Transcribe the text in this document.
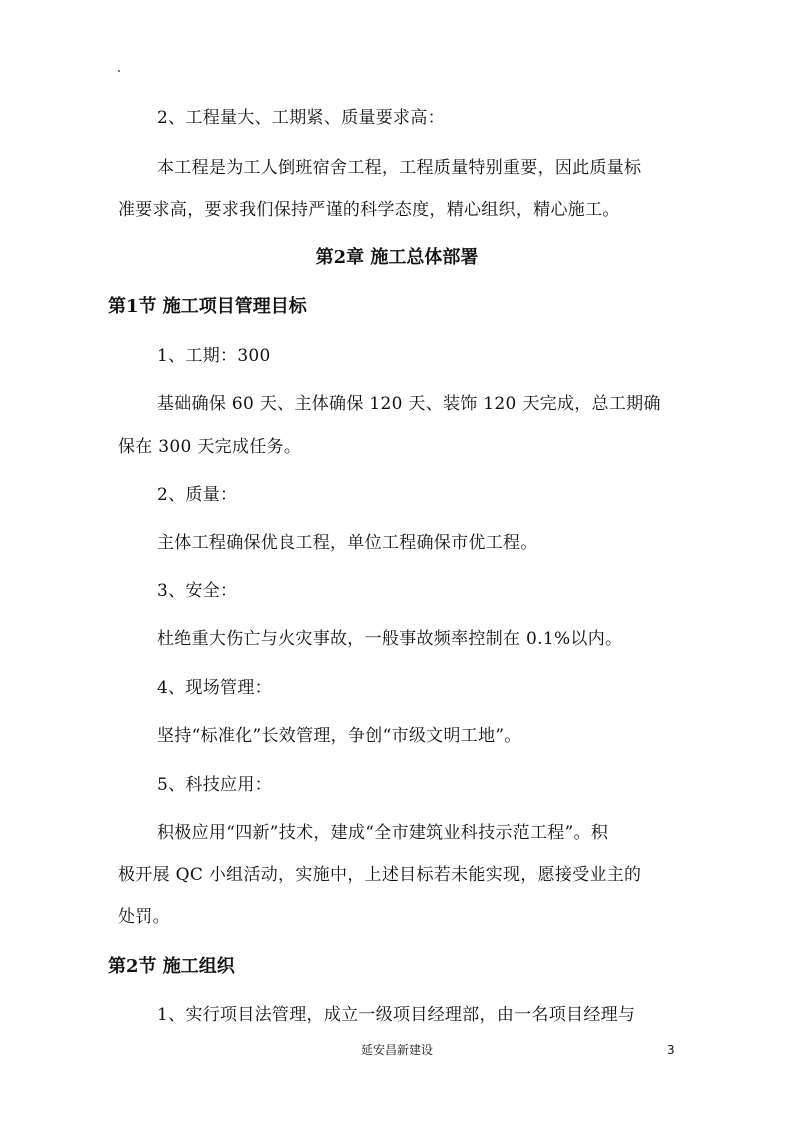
2、工程量大、工期紧、质量要求高：
本工程是为工人倒班宿舍工程，工程质量特别重要，因此质量标
准要求高，要求我们保持严谨的科学态度，精心组织，精心施工。
第2章 施工总体部署
第1节 施工项目管理目标
1、工期：300
基础确保 60 天、主体确保 120 天、装饰 120 天完成，总工期确
保在 300 天完成任务。
2、质量：
主体工程确保优良工程，单位工程确保市优工程。
3、安全：
杜绝重大伤亡与火灾事故，一般事故频率控制在 0.1%以内。
4、现场管理：
坚持“标准化”长效管理，争创“市级文明工地”。
5、科技应用：
积极应用“四新”技术，建成“全市建筑业科技示范工程”。积
极开展 QC 小组活动，实施中，上述目标若未能实现，愿接受业主的
处罚。
第2节 施工组织
1、实行项目法管理，成立一级项目经理部，由一名项目经理与
延安昌新建设	3
